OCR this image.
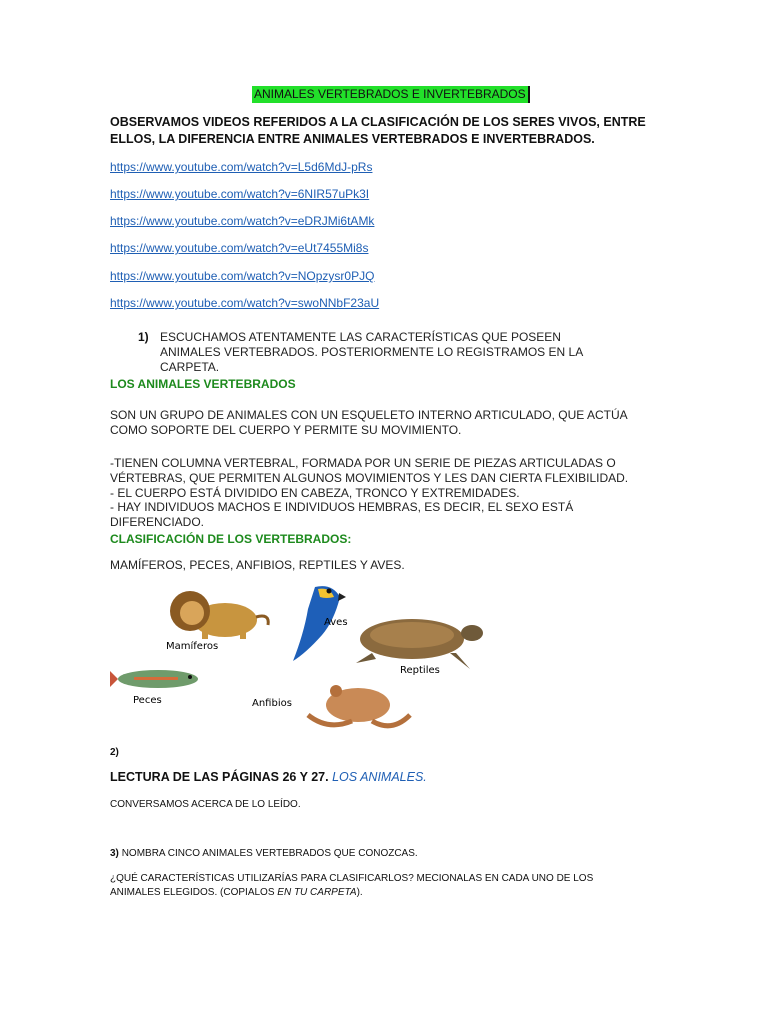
ANIMALES VERTEBRADOS E INVERTEBRADOS
OBSERVAMOS VIDEOS REFERIDOS A LA CLASIFICACIÓN DE LOS SERES VIVOS, ENTRE ELLOS, LA DIFERENCIA ENTRE ANIMALES VERTEBRADOS E INVERTEBRADOS.
https://www.youtube.com/watch?v=L5d6MdJ-pRs
https://www.youtube.com/watch?v=6NIR57uPk3I
https://www.youtube.com/watch?v=eDRJMi6tAMk
https://www.youtube.com/watch?v=eUt7455Mi8s
https://www.youtube.com/watch?v=NOpzysr0PJQ
https://www.youtube.com/watch?v=swoNNbF23aU
1) ESCUCHAMOS ATENTAMENTE LAS CARACTERÍSTICAS QUE POSEEN ANIMALES VERTEBRADOS. POSTERIORMENTE LO REGISTRAMOS EN LA CARPETA.
LOS ANIMALES VERTEBRADOS
SON UN GRUPO DE ANIMALES CON UN ESQUELETO INTERNO ARTICULADO, QUE ACTÚA COMO SOPORTE DEL CUERPO Y PERMITE SU MOVIMIENTO.
-TIENEN COLUMNA VERTEBRAL, FORMADA POR UN SERIE DE PIEZAS ARTICULADAS O VÉRTEBRAS, QUE PERMITEN ALGUNOS MOVIMIENTOS Y LES DAN CIERTA FLEXIBILIDAD.
- EL CUERPO ESTÁ DIVIDIDO EN CABEZA, TRONCO Y EXTREMIDADES.
- HAY INDIVIDUOS MACHOS E INDIVIDUOS HEMBRAS, ES DECIR, EL SEXO ESTÁ DIFERENCIADO.
CLASIFICACIÓN DE LOS VERTEBRADOS:
MAMÍFEROS, PECES, ANFIBIOS, REPTILES Y AVES.
Mamíferos
Aves
Reptiles
Peces	Anfibios
2)
LECTURA DE LAS PÁGINAS 26 Y 27. LOS ANIMALES.
CONVERSAMOS ACERCA DE LO LEÍDO.
3) NOMBRA CINCO ANIMALES VERTEBRADOS QUE CONOZCAS.
¿QUÉ CARACTERÍSTICAS UTILIZARÍAS PARA CLASIFICARLOS? MECIONALAS EN CADA UNO DE LOS ANIMALES ELEGIDOS. (COPIALOS EN TU CARPETA).
